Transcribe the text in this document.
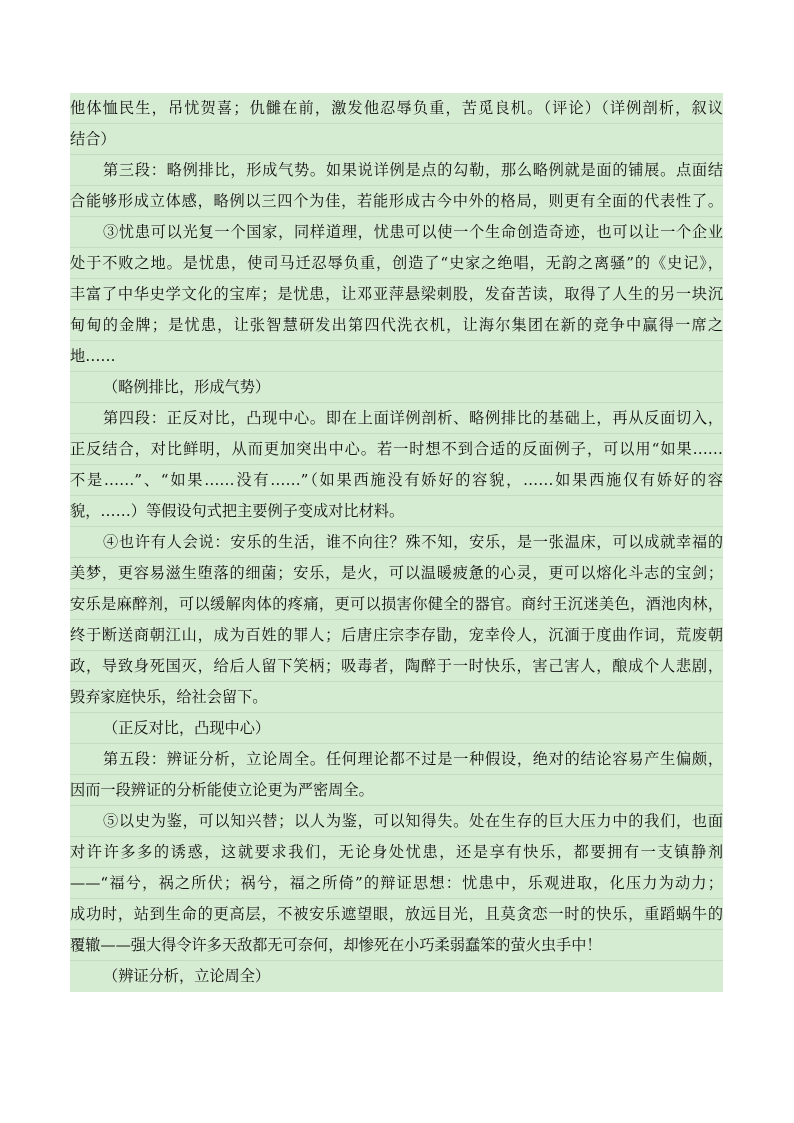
他体恤民生，吊忧贺喜；仇雠在前，激发他忍辱负重，苦觅良机。（评论）（详例剖析，叙议
结合）
第三段：略例排比，形成气势。如果说详例是点的勾勒，那么略例就是面的铺展。点面结
合能够形成立体感，略例以三四个为佳，若能形成古今中外的格局，则更有全面的代表性了。
③忧患可以光复一个国家，同样道理，忧患可以使一个生命创造奇迹，也可以让一个企业
处于不败之地。是忧患，使司马迁忍辱负重，创造了“史家之绝唱，无韵之离骚”的《史记》，
丰富了中华史学文化的宝库；是忧患，让邓亚萍悬梁刺股，发奋苦读，取得了人生的另一块沉
甸甸的金牌；是忧患，让张智慧研发出第四代洗衣机，让海尔集团在新的竞争中赢得一席之
地……
（略例排比，形成气势）
第四段：正反对比，凸现中心。即在上面详例剖析、略例排比的基础上，再从反面切入，
正反结合，对比鲜明，从而更加突出中心。若一时想不到合适的反面例子，可以用“如果……
不是……”、“如果……没有……”（如果西施没有娇好的容貌，……如果西施仅有娇好的容
貌，……）等假设句式把主要例子变成对比材料。
④也许有人会说：安乐的生活，谁不向往？殊不知，安乐，是一张温床，可以成就幸福的
美梦，更容易滋生堕落的细菌；安乐，是火，可以温暖疲惫的心灵，更可以熔化斗志的宝剑；
安乐是麻醉剂，可以缓解肉体的疼痛，更可以损害你健全的器官。商纣王沉迷美色，酒池肉林，
终于断送商朝江山，成为百姓的罪人；后唐庄宗李存勖，宠幸伶人，沉湎于度曲作词，荒废朝
政，导致身死国灭，给后人留下笑柄；吸毒者，陶醉于一时快乐，害己害人，酿成个人悲剧，
毁弃家庭快乐，给社会留下。
（正反对比，凸现中心）
第五段：辨证分析，立论周全。任何理论都不过是一种假设，绝对的结论容易产生偏颇，
因而一段辨证的分析能使立论更为严密周全。
⑤以史为鉴，可以知兴替；以人为鉴，可以知得失。处在生存的巨大压力中的我们，也面
对许许多多的诱惑，这就要求我们，无论身处忧患，还是享有快乐，都要拥有一支镇静剂
——“福兮，祸之所伏；祸兮，福之所倚”的辩证思想：忧患中，乐观进取，化压力为动力；
成功时，站到生命的更高层，不被安乐遮望眼，放远目光，且莫贪恋一时的快乐，重蹈蜗牛的
覆辙——强大得令许多天敌都无可奈何，却惨死在小巧柔弱蠢笨的萤火虫手中！
（辨证分析，立论周全）
